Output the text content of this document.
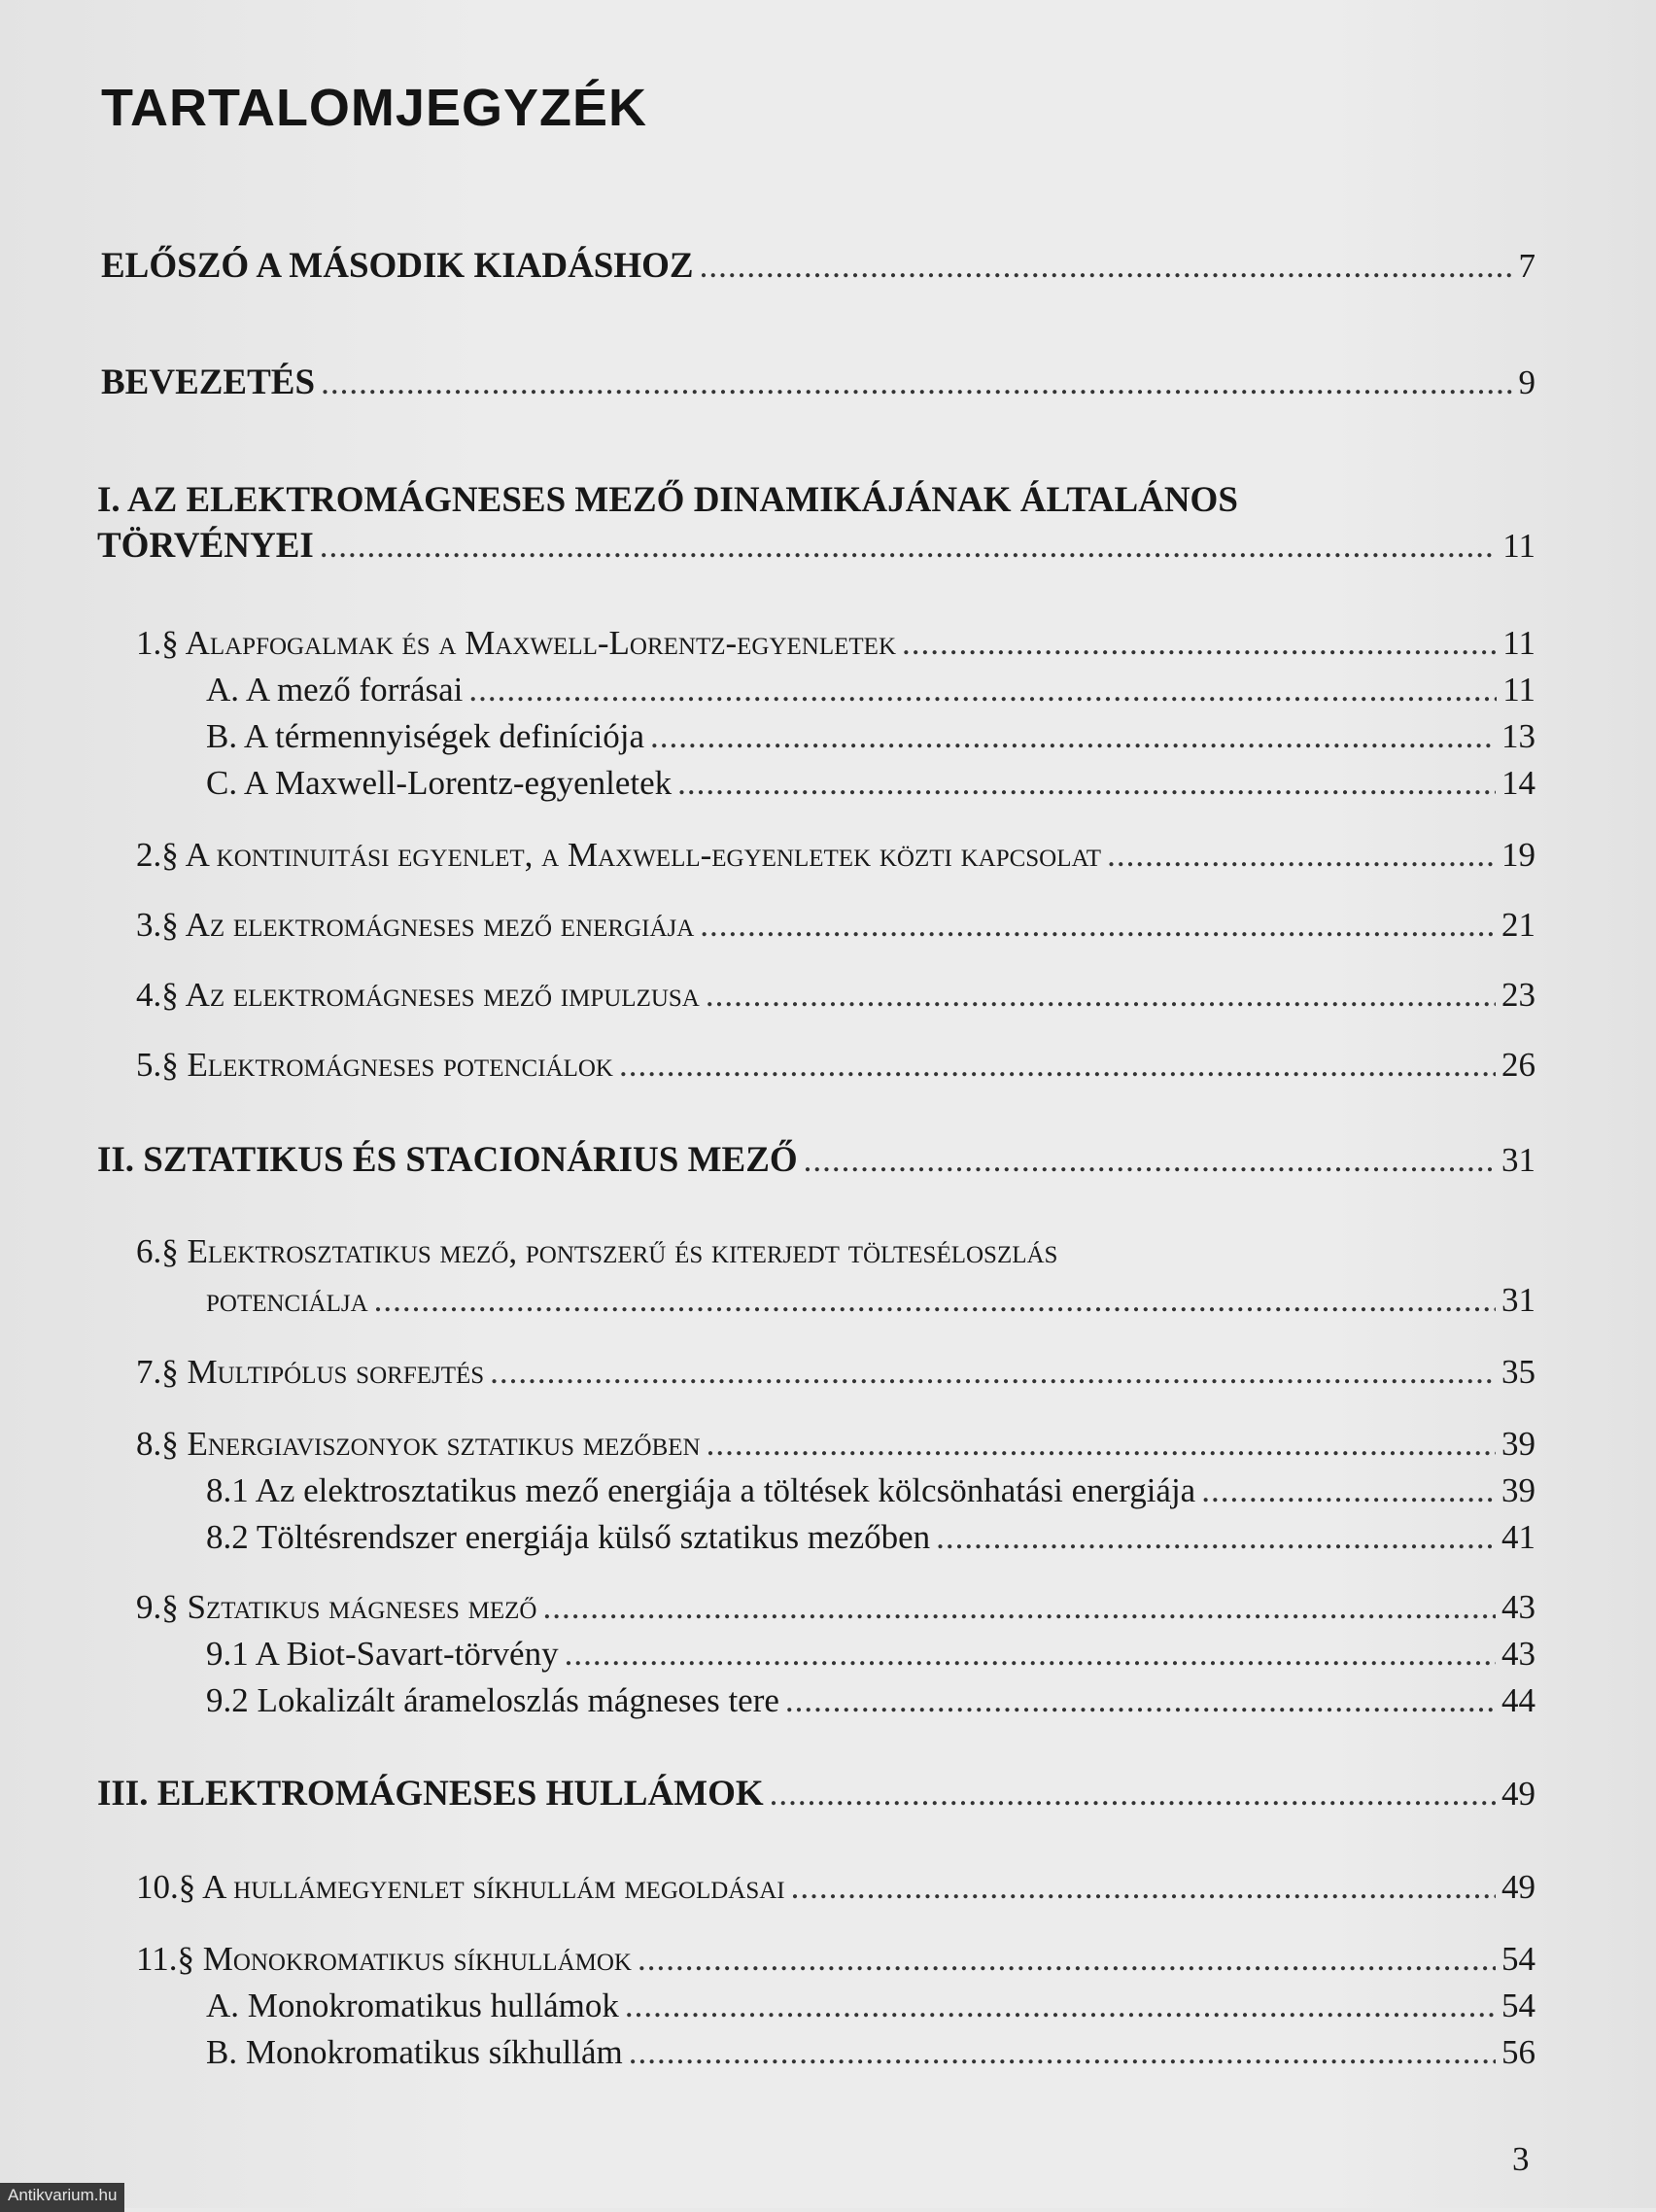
TARTALOMJEGYZÉK
ELŐSZÓ A MÁSODIK KIADÁSHOZ .....	7
BEVEZETÉS .....	9
I. AZ ELEKTROMÁGNESES MEZŐ DINAMIKÁJÁNAK ÁLTALÁNOS
TÖRVÉNYEI .....	11
1.§ Alapfogalmak és a Maxwell-Lorentz-egyenletek .....	11
A. A mező forrásai .....	11
B. A térmennyiségek definíciója .....	13
C. A Maxwell-Lorentz-egyenletek .....	14
2.§ A kontinuitási egyenlet, a Maxwell-egyenletek közti kapcsolat .....	19
3.§ Az elektromágneses mező energiája .....	21
4.§ Az elektromágneses mező impulzusa .....	23
5.§ Elektromágneses potenciálok .....	26
II. SZTATIKUS ÉS STACIONÁRIUS MEZŐ .....	31
6.§ Elektrosztatikus mező, pontszerű és kiterjedt tölteséloszlás
potenciálja .....	31
7.§ Multipólus sorfejtés .....	35
8.§ Energiaviszonyok sztatikus mezőben .....	39
8.1 Az elektrosztatikus mező energiája a töltések kölcsönhatási energiája .....	39
8.2 Töltésrendszer energiája külső sztatikus mezőben .....	41
9.§ Sztatikus mágneses mező .....	43
9.1 A Biot-Savart-törvény .....	43
9.2 Lokalizált árameloszlás mágneses tere .....	44
III. ELEKTROMÁGNESES HULLÁMOK .....	49
10.§ A hullámegyenlet síkhullám megoldásai .....	49
11.§ Monokromatikus síkhullámok .....	54
A. Monokromatikus hullámok .....	54
B. Monokromatikus síkhullám .....	56
3
Antikvarium.hu
